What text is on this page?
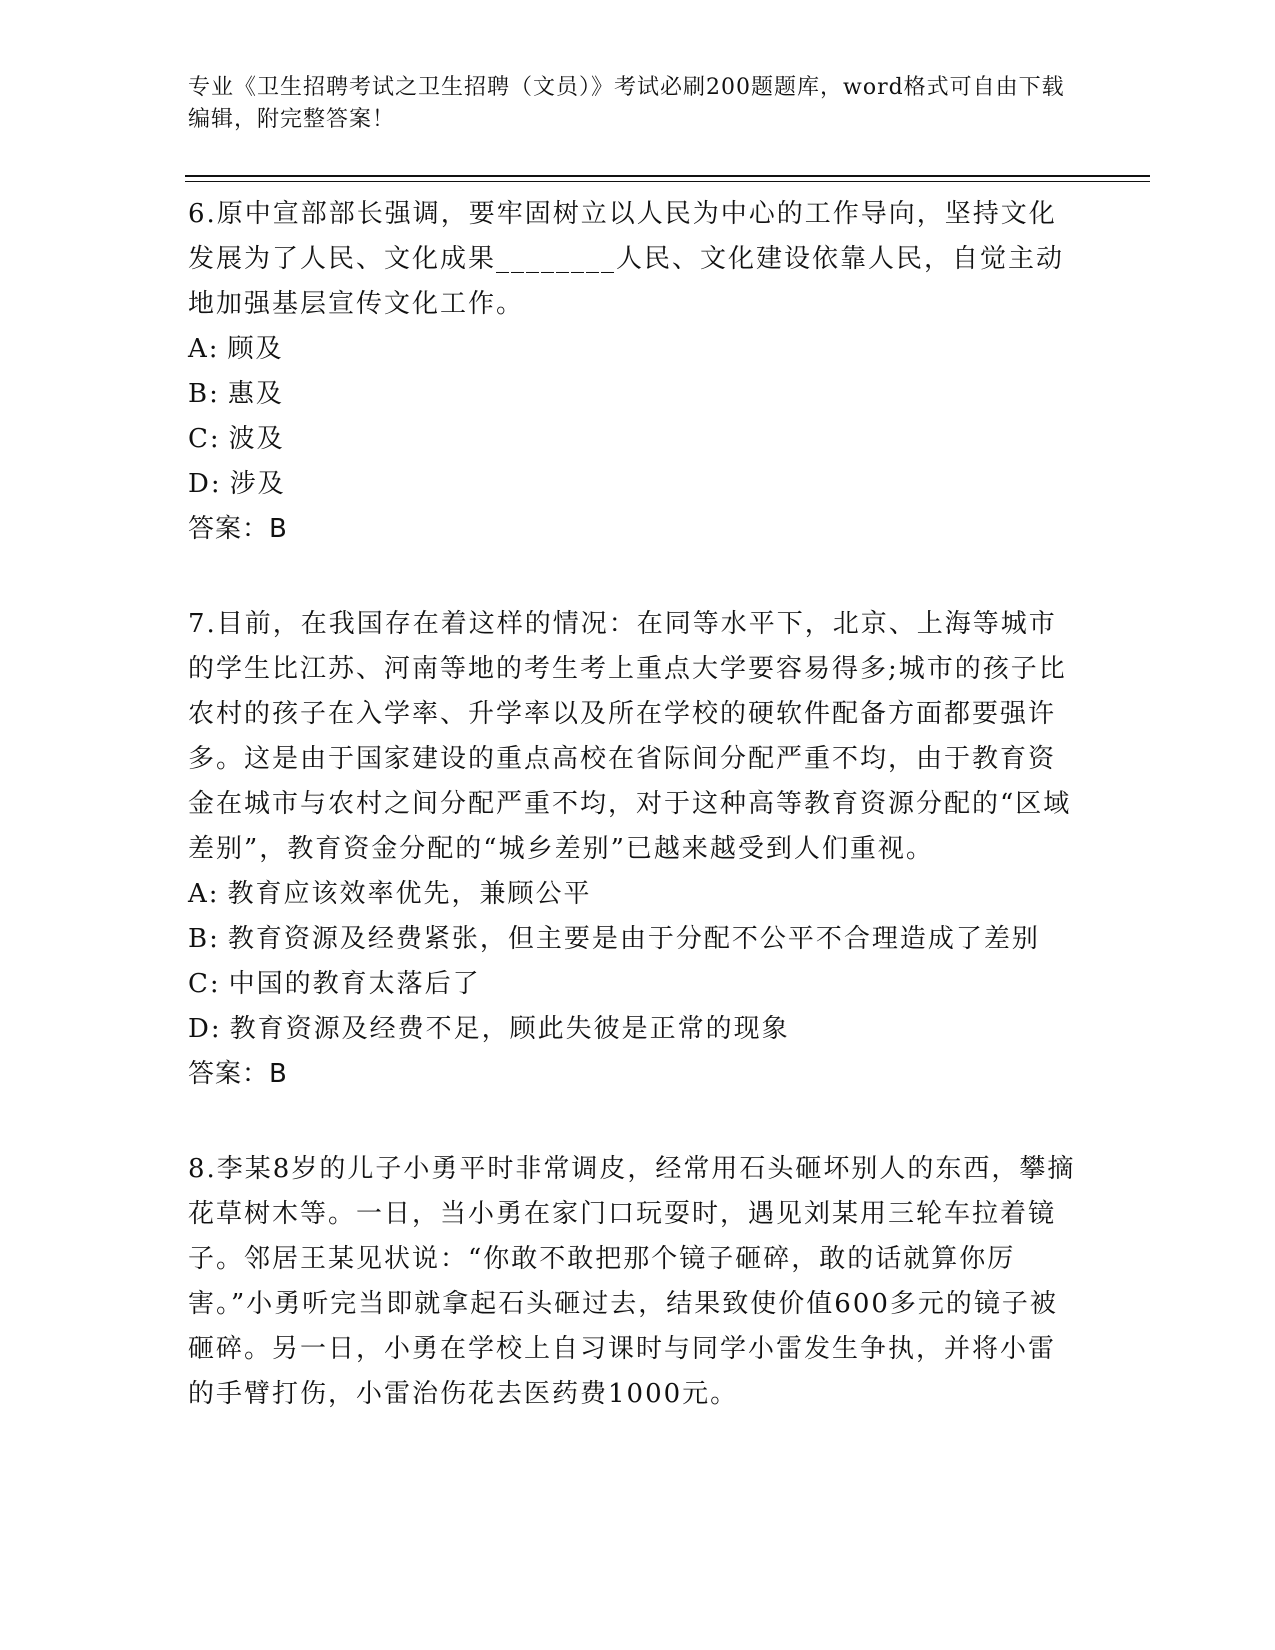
专业《卫生招聘考试之卫生招聘（文员）》考试必刷200题题库，word格式可自由下载编辑，附完整答案！
6.原中宣部部长强调，要牢固树立以人民为中心的工作导向，坚持文化发展为了人民、文化成果________人民、文化建设依靠人民，自觉主动地加强基层宣传文化工作。
A: 顾及
B: 惠及
C: 波及
D: 涉及
答案：B
7.目前，在我国存在着这样的情况：在同等水平下，北京、上海等城市的学生比江苏、河南等地的考生考上重点大学要容易得多;城市的孩子比农村的孩子在入学率、升学率以及所在学校的硬软件配备方面都要强许多。这是由于国家建设的重点高校在省际间分配严重不均，由于教育资金在城市与农村之间分配严重不均，对于这种高等教育资源分配的“区域差别”，教育资金分配的“城乡差别”已越来越受到人们重视。
A: 教育应该效率优先，兼顾公平
B: 教育资源及经费紧张，但主要是由于分配不公平不合理造成了差别
C: 中国的教育太落后了
D: 教育资源及经费不足，顾此失彼是正常的现象
答案：B
8.李某8岁的儿子小勇平时非常调皮，经常用石头砸坏别人的东西，攀摘花草树木等。一日，当小勇在家门口玩耍时，遇见刘某用三轮车拉着镜子。邻居王某见状说：“你敢不敢把那个镜子砸碎，敢的话就算你厉害。”小勇听完当即就拿起石头砸过去，结果致使价值600多元的镜子被砸碎。另一日，小勇在学校上自习课时与同学小雷发生争执，并将小雷的手臂打伤，小雷治伤花去医药费1000元。
